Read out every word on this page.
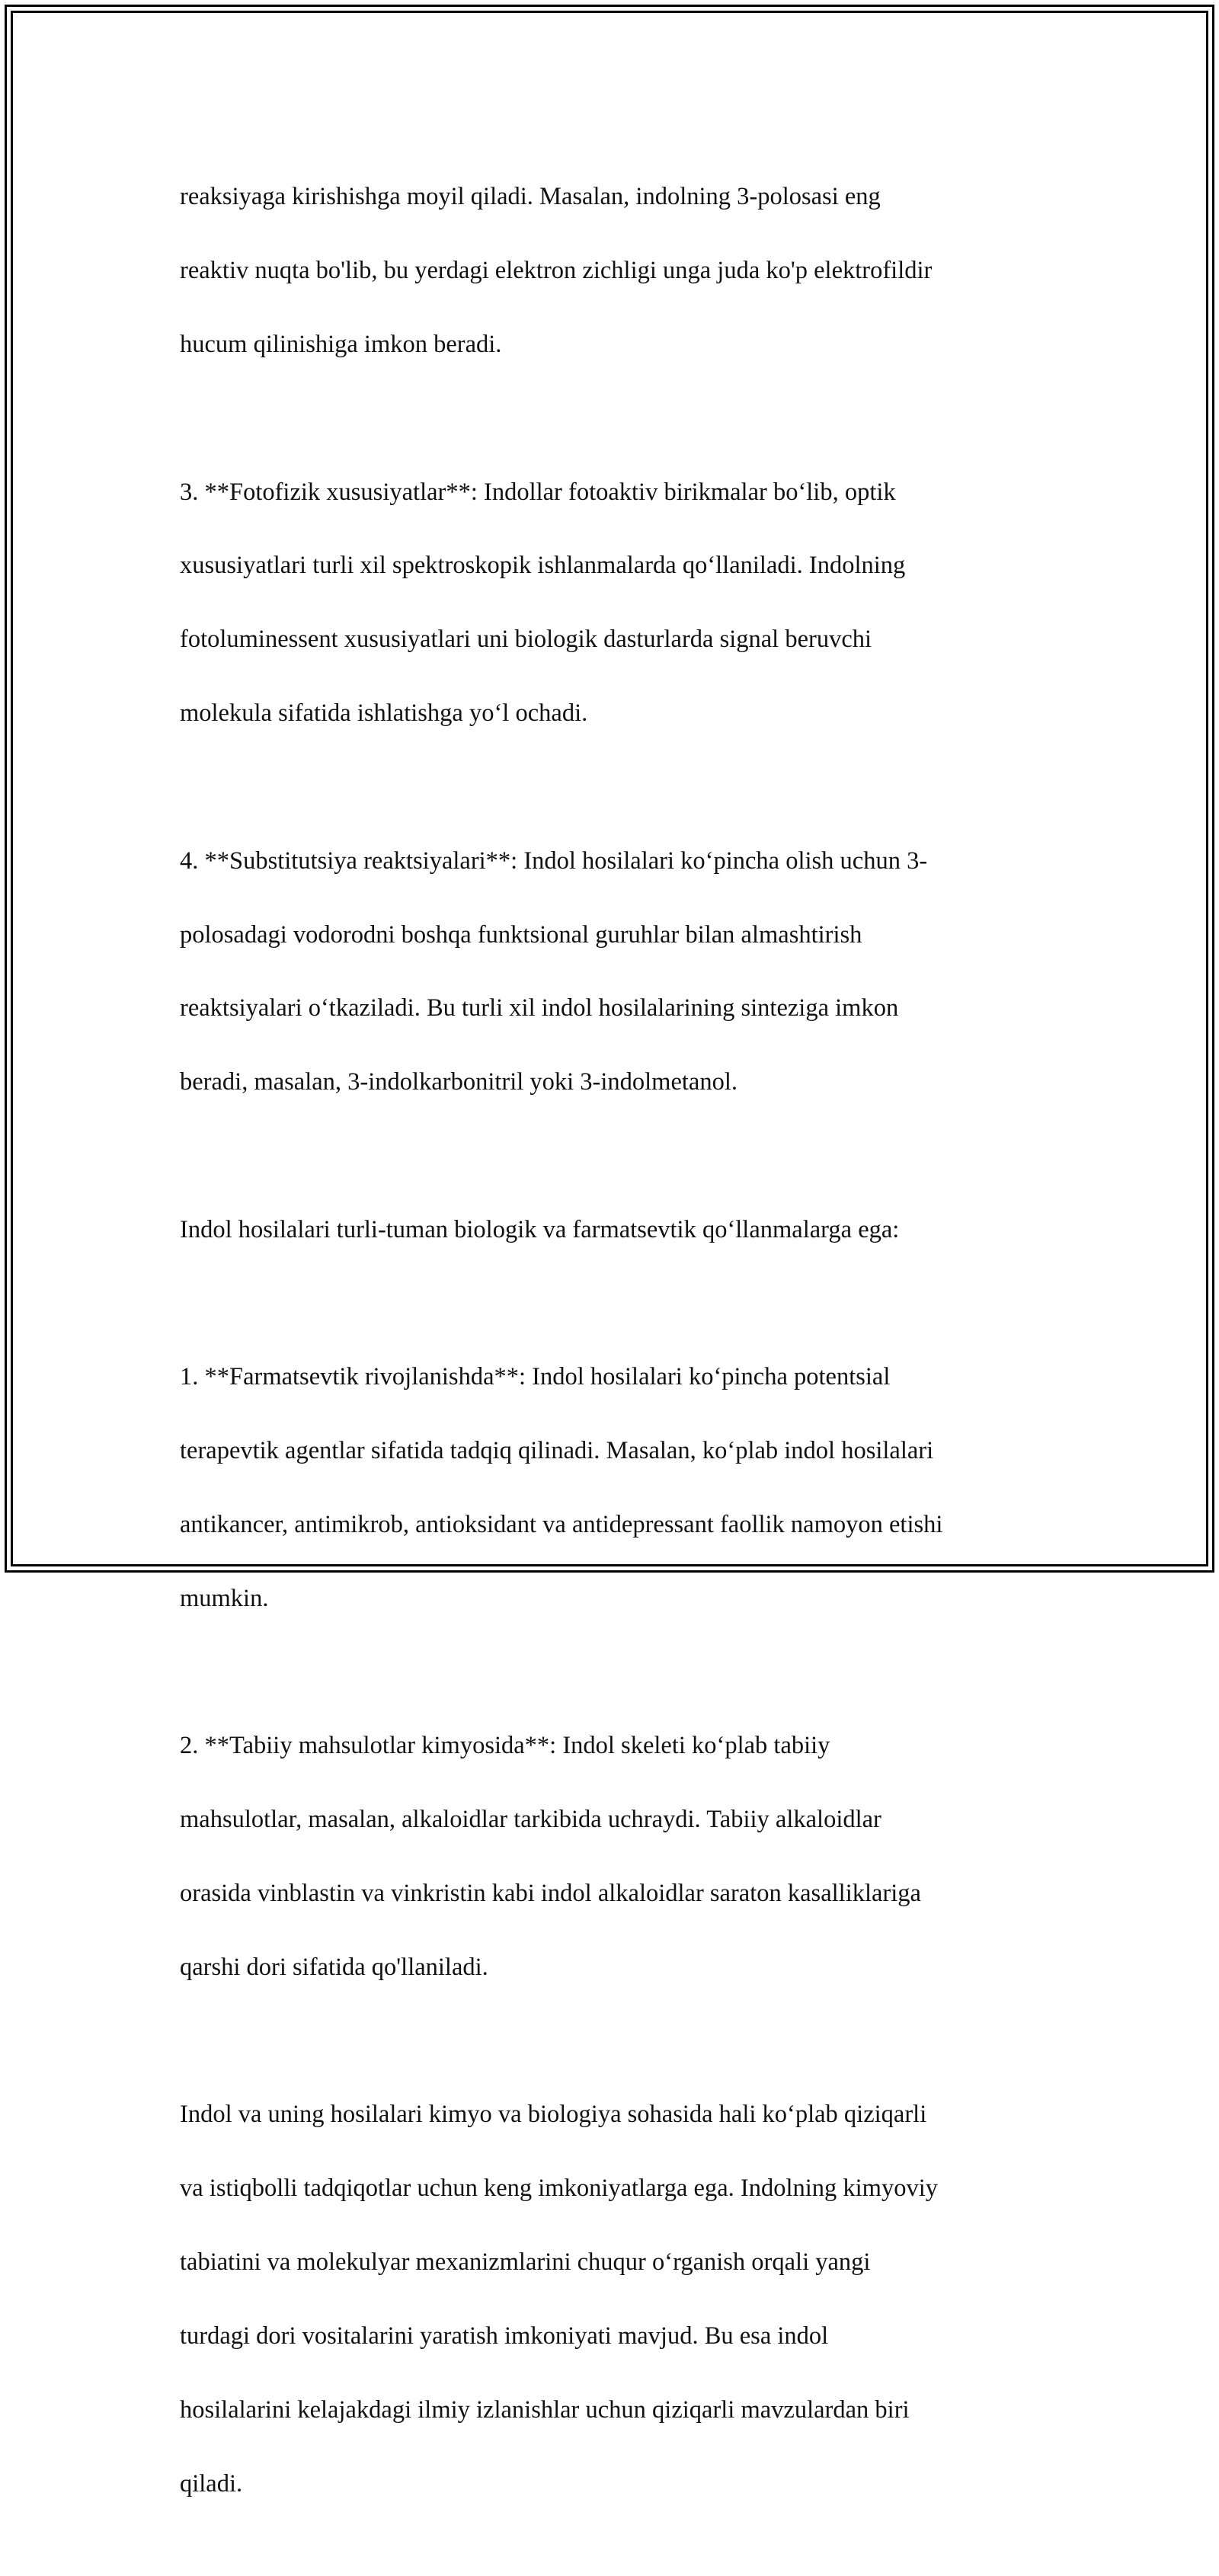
reaksiyaga kirishishga moyil qiladi. Masalan, indolning 3-polosasi eng

reaktiv nuqta bo'lib, bu yerdagi elektron zichligi unga juda ko'p elektrofildir

hucum qilinishiga imkon beradi.

3. **Fotofizik xususiyatlar**: Indollar fotoaktiv birikmalar bo‘lib, optik

xususiyatlari turli xil spektroskopik ishlanmalarda qo‘llaniladi. Indolning

fotoluminessent xususiyatlari uni biologik dasturlarda signal beruvchi

molekula sifatida ishlatishga yo‘l ochadi.

4. **Substitutsiya reaktsiyalari**: Indol hosilalari ko‘pincha olish uchun 3-

polosadagi vodorodni boshqa funktsional guruhlar bilan almashtirish

reaktsiyalari o‘tkaziladi. Bu turli xil indol hosilalarining sinteziga imkon

beradi, masalan, 3-indolkarbonitril yoki 3-indolmetanol.

Indol hosilalari turli-tuman biologik va farmatsevtik qo‘llanmalarga ega:

1. **Farmatsevtik rivojlanishda**: Indol hosilalari ko‘pincha potentsial

terapevtik agentlar sifatida tadqiq qilinadi. Masalan, ko‘plab indol hosilalari

antikancer, antimikrob, antioksidant va antidepressant faollik namoyon etishi

mumkin.

2. **Tabiiy mahsulotlar kimyosida**: Indol skeleti ko‘plab tabiiy

mahsulotlar, masalan, alkaloidlar tarkibida uchraydi. Tabiiy alkaloidlar

orasida vinblastin va vinkristin kabi indol alkaloidlar saraton kasalliklariga

qarshi dori sifatida qo'llaniladi.

Indol va uning hosilalari kimyo va biologiya sohasida hali ko‘plab qiziqarli

va istiqbolli tadqiqotlar uchun keng imkoniyatlarga ega. Indolning kimyoviy

tabiatini va molekulyar mexanizmlarini chuqur o‘rganish orqali yangi

turdagi dori vositalarini yaratish imkoniyati mavjud. Bu esa indol

hosilalarini kelajakdagi ilmiy izlanishlar uchun qiziqarli mavzulardan biri

qiladi.
